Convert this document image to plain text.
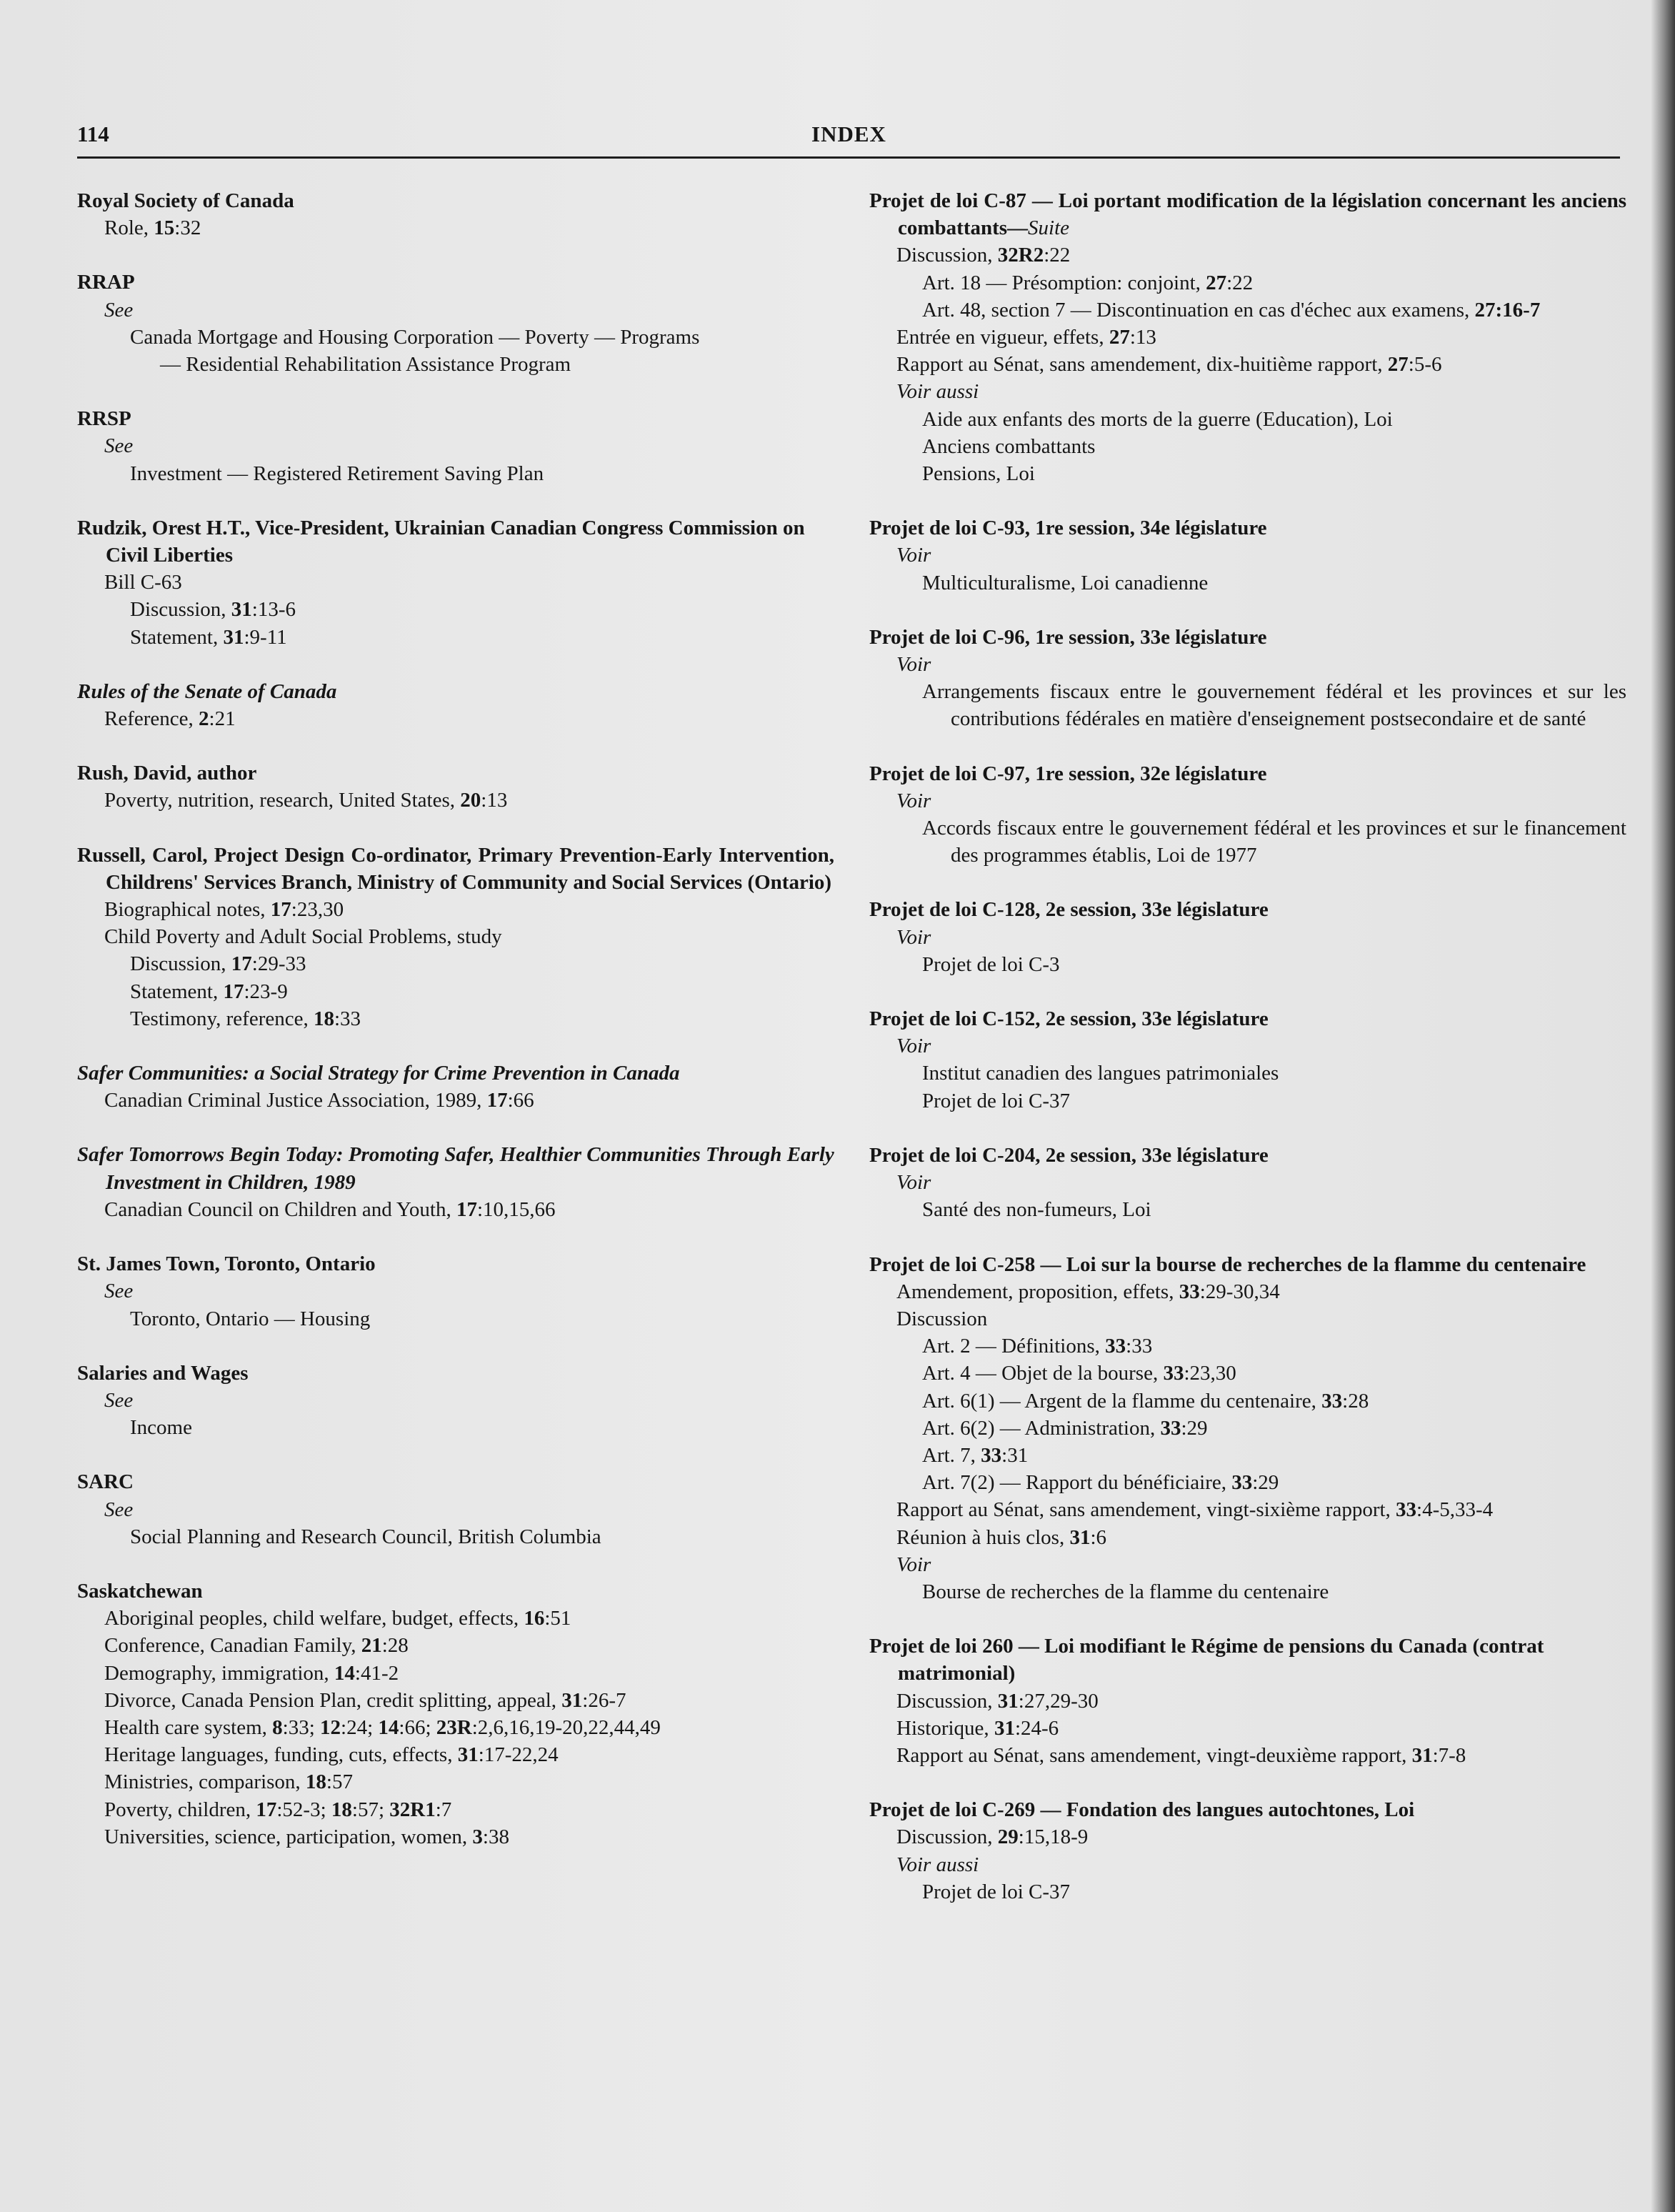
114	INDEX
Royal Society of Canada
Role, 15:32
RRAP
See
Canada Mortgage and Housing Corporation — Poverty — Programs
— Residential Rehabilitation Assistance Program
RRSP
See
Investment — Registered Retirement Saving Plan
Rudzik, Orest H.T., Vice-President, Ukrainian Canadian Congress Commission on Civil Liberties
Bill C-63
Discussion, 31:13-6
Statement, 31:9-11
Rules of the Senate of Canada
Reference, 2:21
Rush, David, author
Poverty, nutrition, research, United States, 20:13
Russell, Carol, Project Design Co-ordinator, Primary Prevention-Early Intervention, Childrens' Services Branch, Ministry of Community and Social Services (Ontario)
Biographical notes, 17:23,30
Child Poverty and Adult Social Problems, study
Discussion, 17:29-33
Statement, 17:23-9
Testimony, reference, 18:33
Safer Communities: a Social Strategy for Crime Prevention in Canada
Canadian Criminal Justice Association, 1989, 17:66
Safer Tomorrows Begin Today: Promoting Safer, Healthier Communities Through Early Investment in Children, 1989
Canadian Council on Children and Youth, 17:10,15,66
St. James Town, Toronto, Ontario
See
Toronto, Ontario — Housing
Salaries and Wages
See
Income
SARC
See
Social Planning and Research Council, British Columbia
Saskatchewan
Aboriginal peoples, child welfare, budget, effects, 16:51
Conference, Canadian Family, 21:28
Demography, immigration, 14:41-2
Divorce, Canada Pension Plan, credit splitting, appeal, 31:26-7
Health care system, 8:33; 12:24; 14:66; 23R:2,6,16,19-20,22,44,49
Heritage languages, funding, cuts, effects, 31:17-22,24
Ministries, comparison, 18:57
Poverty, children, 17:52-3; 18:57; 32R1:7
Universities, science, participation, women, 3:38
Projet de loi C-87 — Loi portant modification de la législation concernant les anciens combattants—Suite
Discussion, 32R2:22
Art. 18 — Présomption: conjoint, 27:22
Art. 48, section 7 — Discontinuation en cas d'échec aux examens, 27:16-7
Entrée en vigueur, effets, 27:13
Rapport au Sénat, sans amendement, dix-huitième rapport, 27:5-6
Voir aussi
Aide aux enfants des morts de la guerre (Education), Loi
Anciens combattants
Pensions, Loi
Projet de loi C-93, 1re session, 34e législature
Voir
Multiculturalisme, Loi canadienne
Projet de loi C-96, 1re session, 33e législature
Voir
Arrangements fiscaux entre le gouvernement fédéral et les provinces et sur les contributions fédérales en matière d'enseignement postsecondaire et de santé
Projet de loi C-97, 1re session, 32e législature
Voir
Accords fiscaux entre le gouvernement fédéral et les provinces et sur le financement des programmes établis, Loi de 1977
Projet de loi C-128, 2e session, 33e législature
Voir
Projet de loi C-3
Projet de loi C-152, 2e session, 33e législature
Voir
Institut canadien des langues patrimoniales
Projet de loi C-37
Projet de loi C-204, 2e session, 33e législature
Voir
Santé des non-fumeurs, Loi
Projet de loi C-258 — Loi sur la bourse de recherches de la flamme du centenaire
Amendement, proposition, effets, 33:29-30,34
Discussion
Art. 2 — Définitions, 33:33
Art. 4 — Objet de la bourse, 33:23,30
Art. 6(1) — Argent de la flamme du centenaire, 33:28
Art. 6(2) — Administration, 33:29
Art. 7, 33:31
Art. 7(2) — Rapport du bénéficiaire, 33:29
Rapport au Sénat, sans amendement, vingt-sixième rapport, 33:4-5,33-4
Réunion à huis clos, 31:6
Voir
Bourse de recherches de la flamme du centenaire
Projet de loi 260 — Loi modifiant le Régime de pensions du Canada (contrat matrimonial)
Discussion, 31:27,29-30
Historique, 31:24-6
Rapport au Sénat, sans amendement, vingt-deuxième rapport, 31:7-8
Projet de loi C-269 — Fondation des langues autochtones, Loi
Discussion, 29:15,18-9
Voir aussi
Projet de loi C-37
